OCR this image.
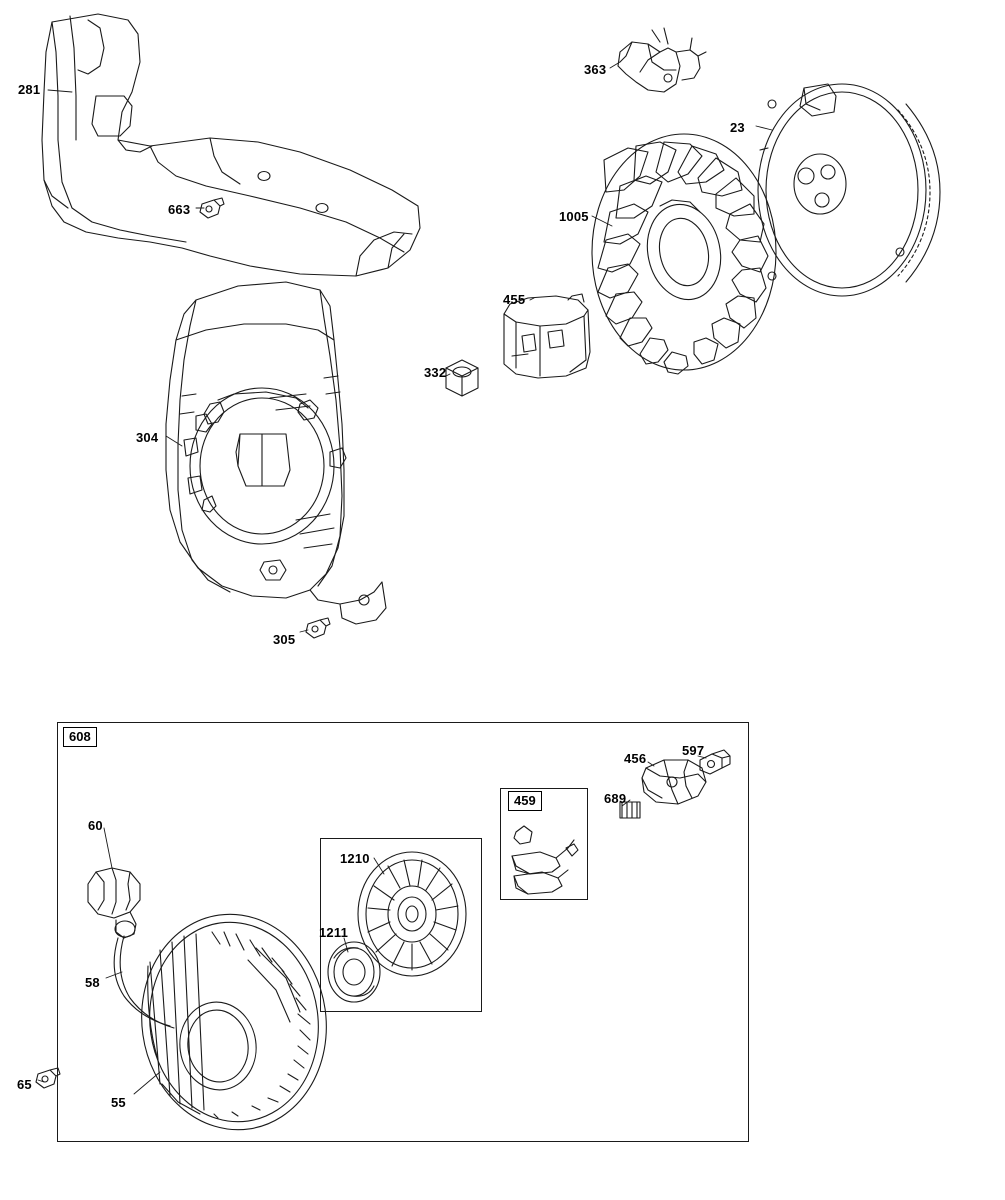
281
663
304
305
332
455
1005
363
23
608
60
58
65
55
1210
1211
459	689
456
597
